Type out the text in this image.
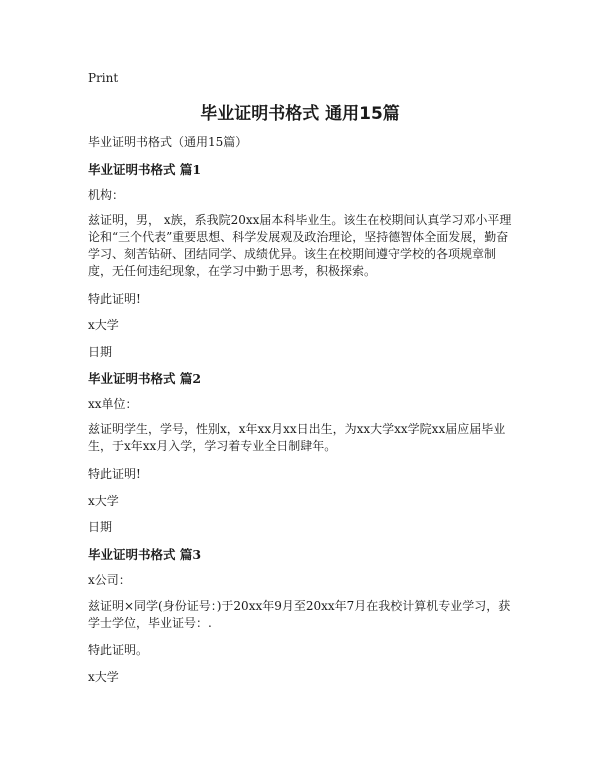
Print
毕业证明书格式 通用15篇
毕业证明书格式（通用15篇）
毕业证明书格式 篇1
机构：

兹证明，男， x族，系我院20xx届本科毕业生。该生在校期间认真学习邓小平理论和“三个代表”重要思想、科学发展观及政治理论，坚持德智体全面发展，勤奋学习、刻苦钻研、团结同学、成绩优异。该生在校期间遵守学校的各项规章制度，无任何违纪现象，在学习中勤于思考，积极探索。

特此证明!
x大学
日期
毕业证明书格式 篇2
xx单位：

兹证明学生，学号，性别x，x年xx月xx日出生，为xx大学xx学院xx届应届毕业生，于x年xx月入学，学习着专业全日制肆年。

特此证明!
x大学
日期
毕业证明书格式 篇3
x公司：

兹证明×同学(身份证号：)于20xx年9月至20xx年7月在我校计算机专业学习，获学士学位，毕业证号：.

特此证明。
x大学
